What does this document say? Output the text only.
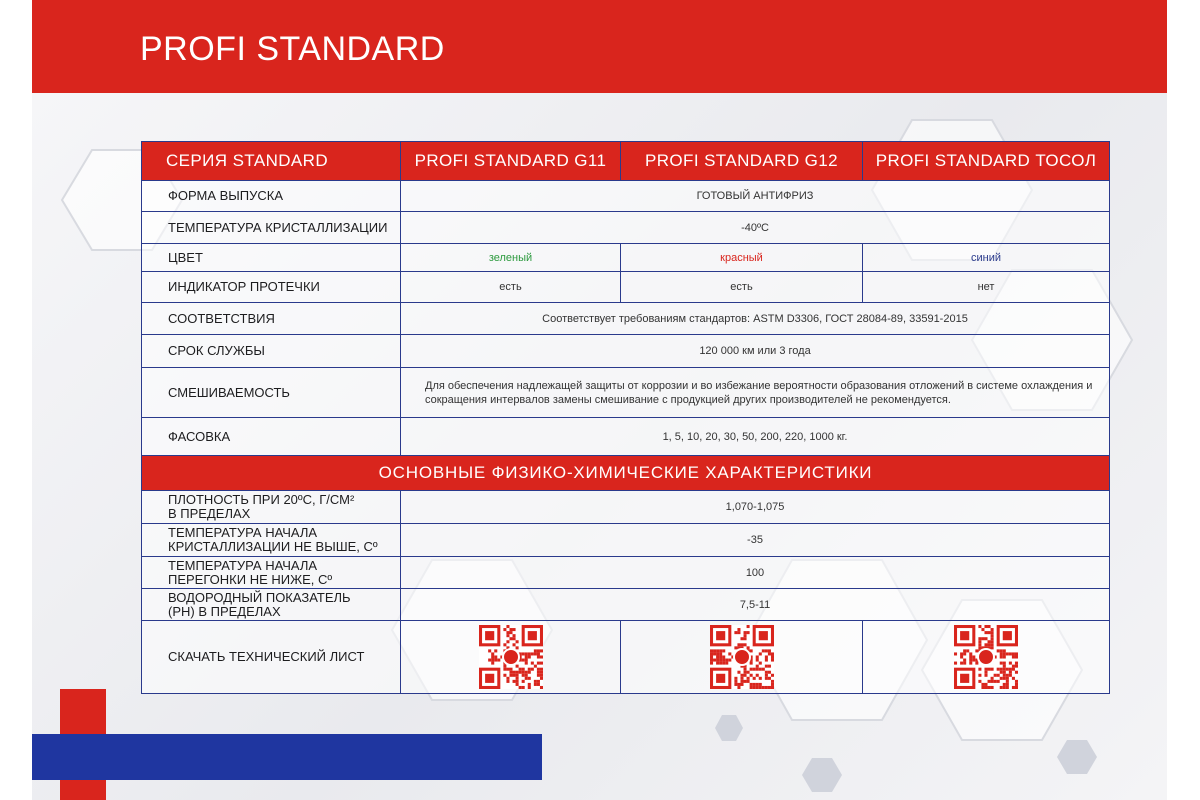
PROFI STANDARD
СЕРИЯ STANDARD	PROFI STANDARD G11	PROFI STANDARD G12	PROFI STANDARD ТОСОЛ
ФОРМА ВЫПУСКА	ГОТОВЫЙ АНТИФРИЗ		
ТЕМПЕРАТУРА КРИСТАЛЛИЗАЦИИ	-40ºС		
ЦВЕТ	зеленый	красный	синий
ИНДИКАТОР ПРОТЕЧКИ	есть	есть	нет
СООТВЕТСТВИЯ	Соответствует требованиям стандартов: ASTM D3306, ГОСТ 28084-89, 33591-2015		
СРОК СЛУЖБЫ	120 000 км или 3 года		
СМЕШИВАЕМОСТЬ	Для обеспечения надлежащей защиты от коррозии и во избежание вероятности образования отложений в системе охлаждения и сокращения интервалов замены смешивание с продукцией других производителей не рекомендуется.		
ФАСОВКА	1, 5, 10, 20, 30, 50, 200, 220, 1000 кг.		
ОСНОВНЫЕ ФИЗИКО-ХИМИЧЕСКИЕ ХАРАКТЕРИСТИКИ			

ПЛОТНОСТЬ ПРИ 20ºС, Г/СМ²
В ПРЕДЕЛАХ	1,070-1,075		

ТЕМПЕРАТУРА НАЧАЛА
КРИСТАЛЛИЗАЦИИ НЕ ВЫШЕ, Сº	-35		

ТЕМПЕРАТУРА НАЧАЛА
ПЕРЕГОНКИ НЕ НИЖЕ, Сº	100		

ВОДОРОДНЫЙ ПОКАЗАТЕЛЬ
(PH) В ПРЕДЕЛАХ	7,5-11		
СКАЧАТЬ ТЕХНИЧЕСКИЙ ЛИСТ			
